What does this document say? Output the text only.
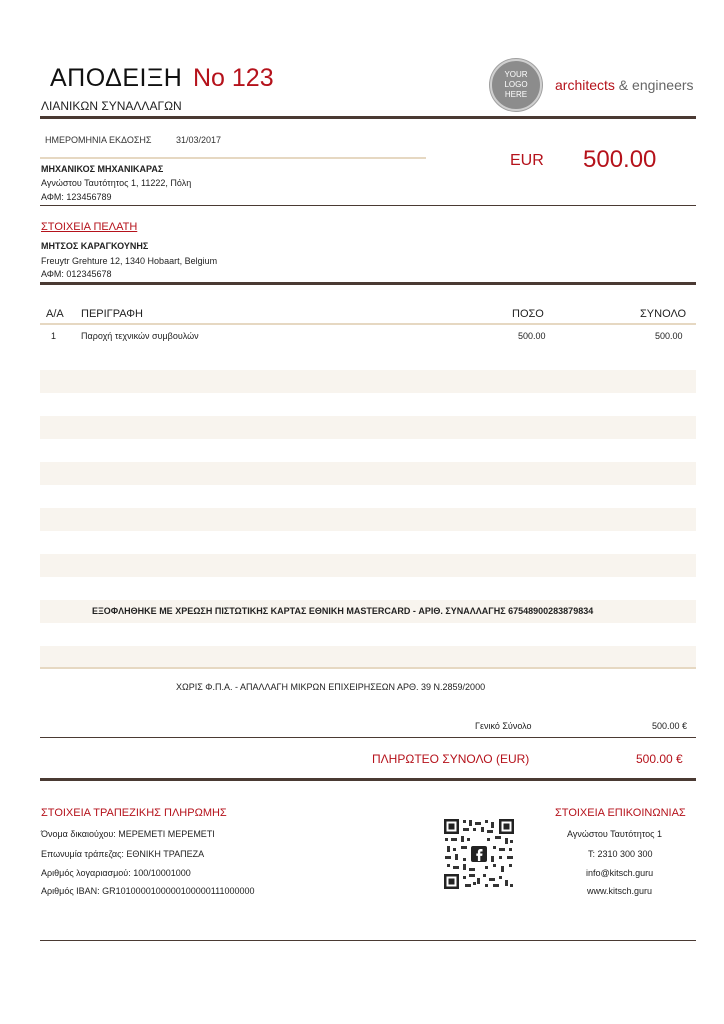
ΑΠΟΔΕΙΞΗ No 123
ΛΙΑΝΙΚΩΝ ΣΥΝΑΛΛΑΓΩΝ
YOUR LOGO
HERE
architects & engineers
ΗΜΕΡΟΜΗΝΙΑ ΕΚΔΟΣΗΣ	31/03/2017
EUR 500.00
ΜΗΧΑΝΙΚΟΣ ΜΗΧΑΝΙΚΑΡΑΣ
Αγνώστου Ταυτότητος 1, 11222, Πόλη
ΑΦΜ: 123456789
ΣΤΟΙΧΕΙΑ ΠΕΛΑΤΗ
ΜΗΤΣΟΣ ΚΑΡΑΓΚΟΥΝΗΣ
Freuytr Grehture 12, 1340 Hobaart, Belgium
ΑΦΜ: 012345678
Α/Α ΠΕΡΙΓΡΑΦΗ	ΠΟΣΟ	ΣΥΝΟΛΟ
1	Παροχή τεχνικών συμβουλών	500.00	500.00
ΕΞΟΦΛΗΘΗΚΕ ΜΕ ΧΡΕΩΣΗ ΠΙΣΤΩΤΙΚΗΣ ΚΑΡΤΑΣ ΕΘΝΙΚΗ MASTERCARD - ΑΡΙΘ. ΣΥΝΑΛΛΑΓΗΣ 67548900283879834
ΧΩΡΙΣ Φ.Π.Α. - ΑΠΑΛΛΑΓΗ ΜΙΚΡΩΝ ΕΠΙΧΕΙΡΗΣΕΩΝ ΑΡΘ. 39 Ν.2859/2000
Γενικό Σύνολο	500.00 €
ΠΛΗΡΩΤΕΟ ΣΥΝΟΛΟ (EUR)	500.00 €
ΣΤΟΙΧΕΙΑ ΤΡΑΠΕΖΙΚΗΣ ΠΛΗΡΩΜΗΣ
Όνομα δικαιούχου: ΜΕΡΕΜΕΤΙ ΜΕΡΕΜΕΤΙ
Επωνυμία τράπεζας: ΕΘΝΙΚΗ ΤΡΑΠΕΖΑ
Αριθμός λογαριασμού: 100/10001000
Αριθμός IBAN: GR1010000100000100000111000000
ΣΤΟΙΧΕΙΑ ΕΠΙΚΟΙΝΩΝΙΑΣ
Αγνώστου Ταυτότητος 1
Τ: 2310 300 300
info@kitsch.guru
www.kitsch.guru
